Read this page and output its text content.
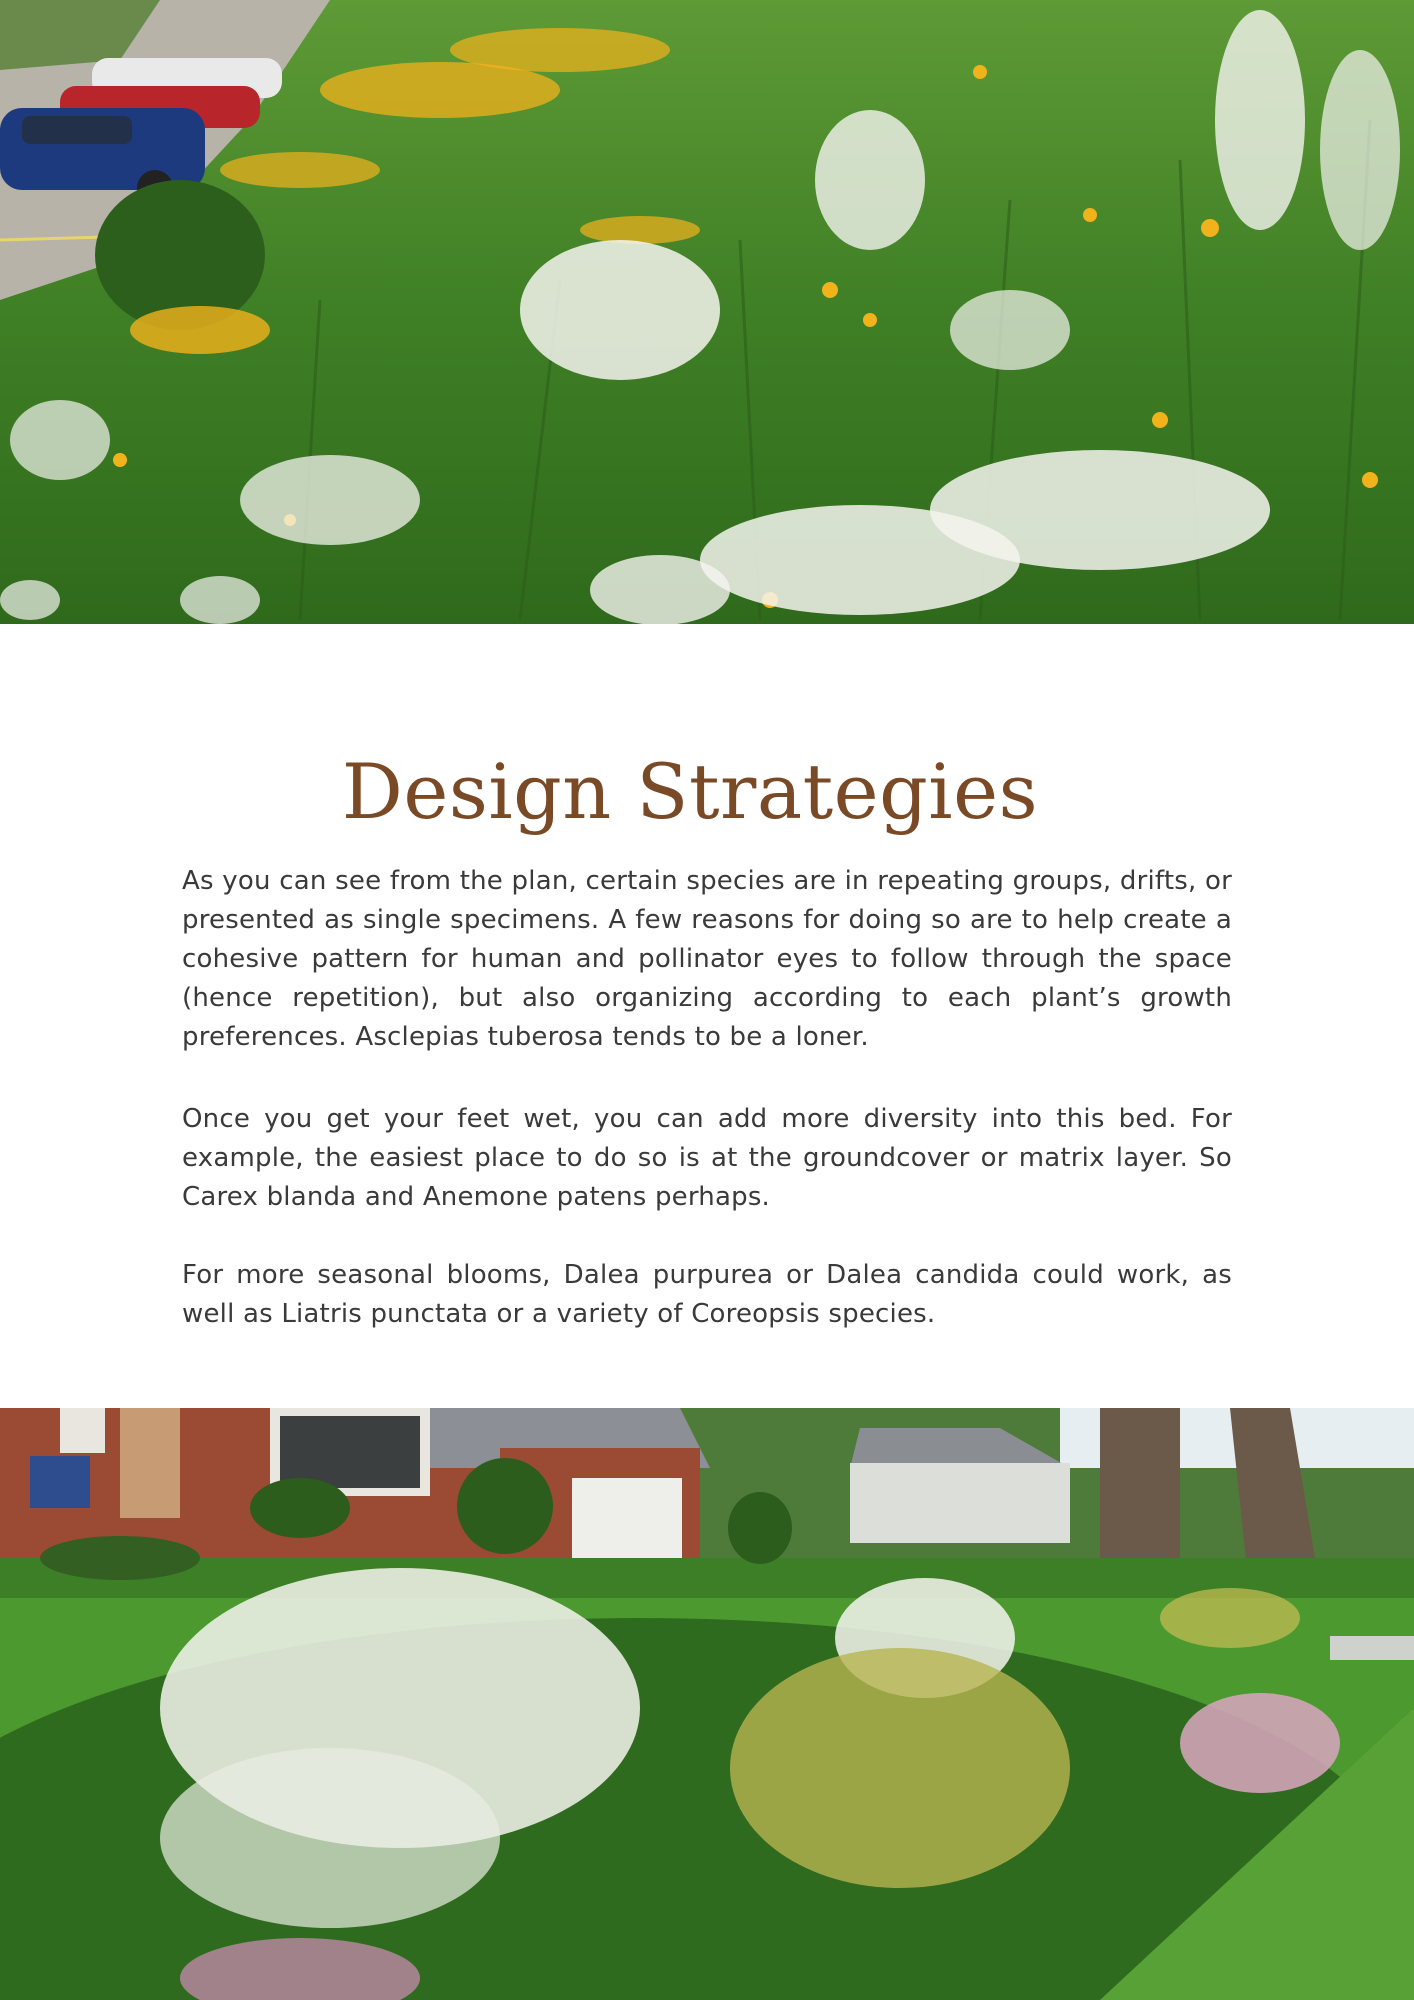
Design Strategies

As you can see from the plan, certain species are in repeating groups, drifts, or presented as single specimens. A few reasons for doing so are to help create a cohesive pattern for human and pollinator eyes to follow through the space (hence repetition), but also organizing according to each plant’s growth preferences. Asclepias tuberosa tends to be a loner.

Once you get your feet wet, you can add more diversity into this bed. For example, the easiest place to do so is at the groundcover or matrix layer. So Carex blanda and Anemone patens perhaps.

For more seasonal blooms, Dalea purpurea or Dalea candida could work, as well as Liatris punctata or a variety of Coreopsis species.
